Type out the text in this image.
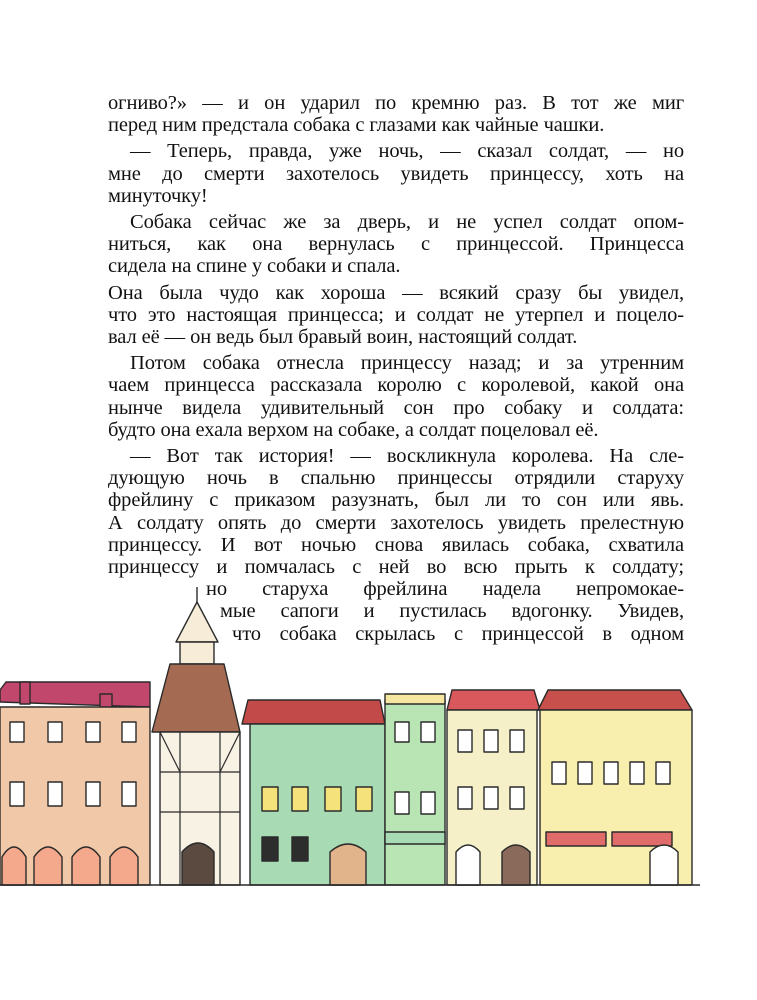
огниво?» — и он ударил по кремню раз. В тот же миг
перед ним предстала собака с глазами как чайные чашки.

— Теперь, правда, уже ночь, — сказал солдат, — но
мне до смерти захотелось увидеть принцессу, хоть на
минуточку!

Собака сейчас же за дверь, и не успел солдат опом-
ниться, как она вернулась с принцессой. Принцесса
сидела на спине у собаки и спала.

Она была чудо как хороша — всякий сразу бы увидел,
что это настоящая принцесса; и солдат не утерпел и поцело-
вал её — он ведь был бравый воин, настоящий солдат.

Потом собака отнесла принцессу назад; и за утренним
чаем принцесса рассказала королю с королевой, какой она
нынче видела удивительный сон про собаку и солдата:
будто она ехала верхом на собаке, а солдат поцеловал её.

— Вот так история! — воскликнула королева. На сле-
дующую ночь в спальню принцессы отрядили старуху
фрейлину с приказом разузнать, был ли то сон или явь.
А солдату опять до смерти захотелось увидеть прелестную
принцессу. И вот ночью снова явилась собака, схватила
принцессу и помчалась с ней во всю прыть к солдату;
но старуха фрейлина надела непромокае-
мые сапоги и пустилась вдогонку. Увидев,
что собака скрылась с принцессой в одном
